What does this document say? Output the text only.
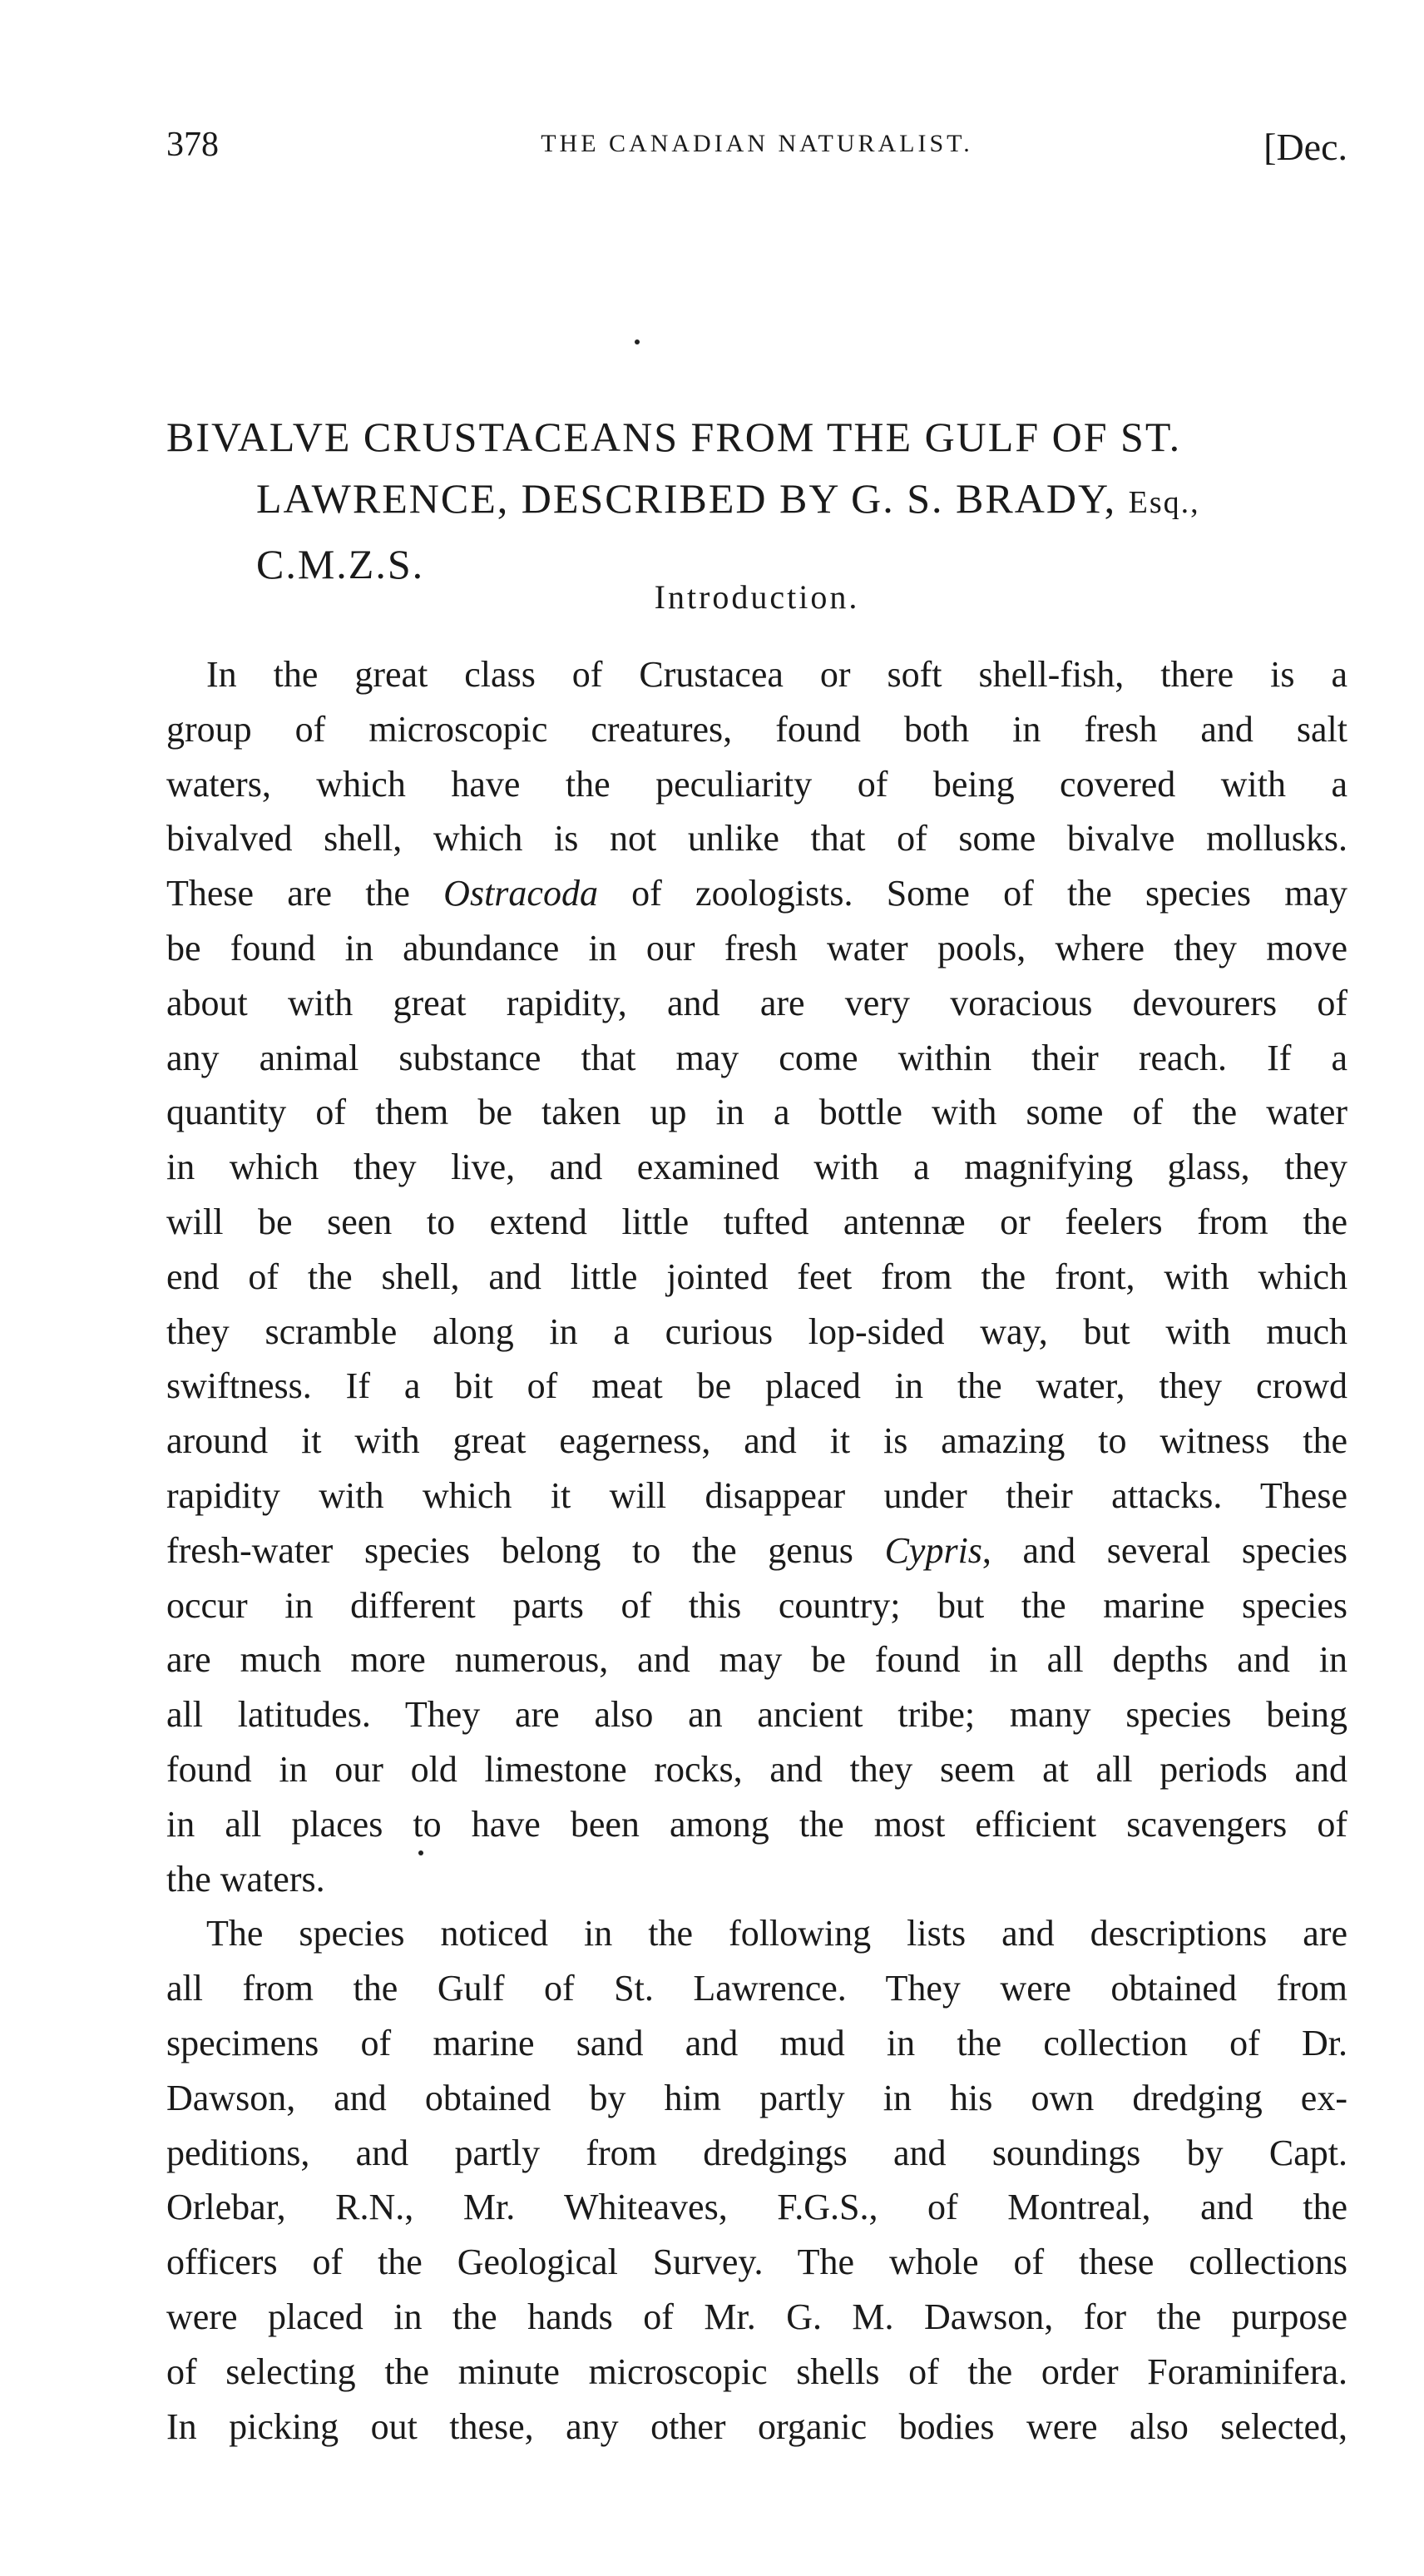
378	THE CANADIAN NATURALIST.	[Dec.
BIVALVE CRUSTACEANS FROM THE GULF OF ST.
LAWRENCE, DESCRIBED BY G. S. BRADY, Esq.,
C.M.Z.S.
Introduction.
In the great class of Crustacea or soft shell-fish, there is a
group of microscopic creatures, found both in fresh and salt
waters, which have the peculiarity of being covered with a
bivalved shell, which is not unlike that of some bivalve mollusks.
These are the Ostracoda of zoologists. Some of the species may
be found in abundance in our fresh water pools, where they move
about with great rapidity, and are very voracious devourers of
any animal substance that may come within their reach. If a
quantity of them be taken up in a bottle with some of the water
in which they live, and examined with a magnifying glass, they
will be seen to extend little tufted antennæ or feelers from the
end of the shell, and little jointed feet from the front, with which
they scramble along in a curious lop-sided way, but with much
swiftness. If a bit of meat be placed in the water, they crowd
around it with great eagerness, and it is amazing to witness the
rapidity with which it will disappear under their attacks. These
fresh-water species belong to the genus Cypris, and several species
occur in different parts of this country; but the marine species
are much more numerous, and may be found in all depths and in
all latitudes. They are also an ancient tribe; many species being
found in our old limestone rocks, and they seem at all periods and
in all places to have been among the most efficient scavengers of
the waters.
The species noticed in the following lists and descriptions are
all from the Gulf of St. Lawrence. They were obtained from
specimens of marine sand and mud in the collection of Dr.
Dawson, and obtained by him partly in his own dredging ex-
peditions, and partly from dredgings and soundings by Capt.
Orlebar, R.N., Mr. Whiteaves, F.G.S., of Montreal, and the
officers of the Geological Survey. The whole of these collections
were placed in the hands of Mr. G. M. Dawson, for the purpose
of selecting the minute microscopic shells of the order Foraminifera.
In picking out these, any other organic bodies were also selected,
